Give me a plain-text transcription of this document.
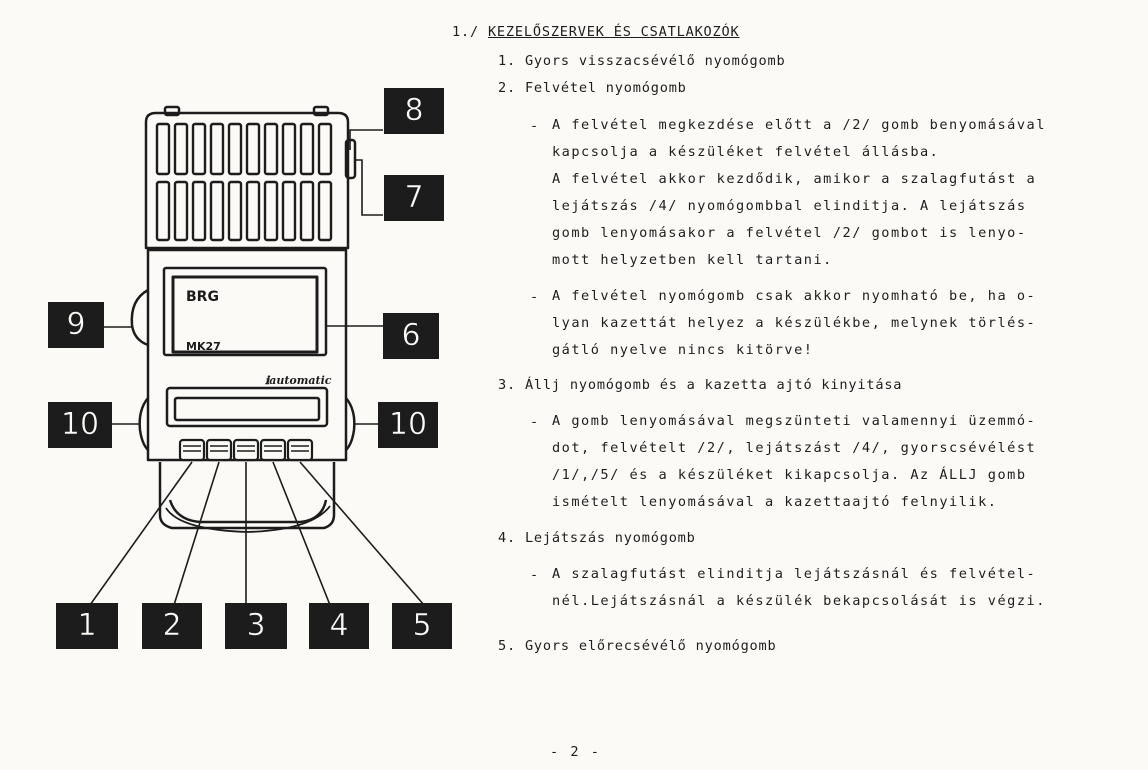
BRG
MK27
ℹautomatic
8
7
9	6
10	10
1 2 3 4 5
1./ KEZELŐSZERVEK ÉS CSATLAKOZÓK
1. Gyors visszacsévélő nyomógomb
2. Felvétel nyomógomb
- A felvétel megkezdése előtt a /2/ gomb benyomásával
kapcsolja a készüléket felvétel állásba.
A felvétel akkor kezdődik, amikor a szalagfutást a
lejátszás /4/ nyomógombbal elinditja. A lejátszás
gomb lenyomásakor a felvétel /2/ gombot is lenyo-
mott helyzetben kell tartani.
- A felvétel nyomógomb csak akkor nyomható be, ha o-
lyan kazettát helyez a készülékbe, melynek törlés-
gátló nyelve nincs kitörve!
3. Állj nyomógomb és a kazetta ajtó kinyitása
- A gomb lenyomásával megszünteti valamennyi üzemmó-
dot, felvételt /2/, lejátszást /4/, gyorscsévélést
/1/,/5/ és a készüléket kikapcsolja. Az ÁLLJ gomb
ismételt lenyomásával a kazettaajtó felnyilik.
4. Lejátszás nyomógomb
- A szalagfutást elinditja lejátszásnál és felvétel-
nél.Lejátszásnál a készülék bekapcsolását is végzi.
5. Gyors előrecsévélő nyomógomb
- 2 -
